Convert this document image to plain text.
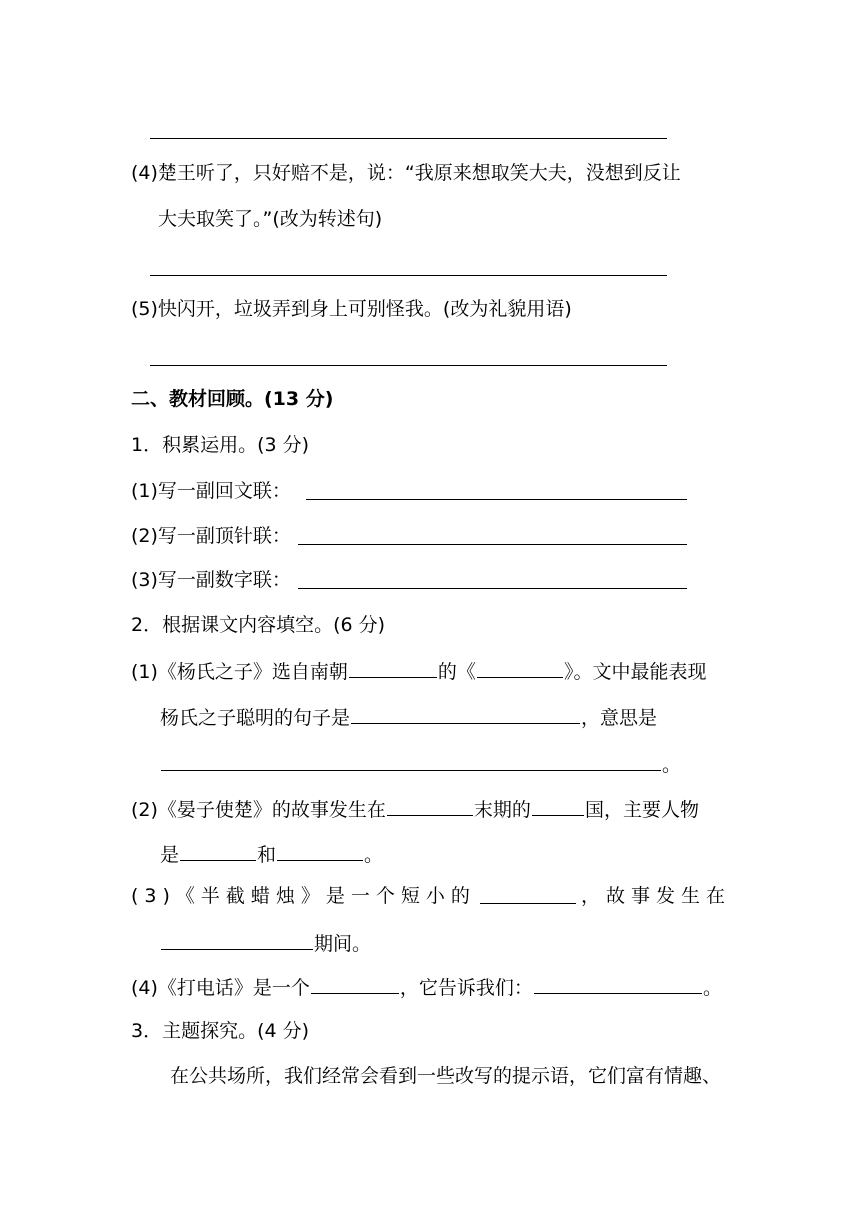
(4)楚王听了，只好赔不是，说：“我原来想取笑大夫，没想到反让
大夫取笑了。”(改为转述句)
(5)快闪开，垃圾弄到身上可别怪我。(改为礼貌用语)
二、教材回顾。(13 分)
1．积累运用。(3 分)
(1)写一副回文联：
(2)写一副顶针联：
(3)写一副数字联：
2．根据课文内容填空。(6 分)
(1)《杨氏之子》选自南朝	的《	》。文中最能表现
杨氏之子聪明的句子是	，意思是
。
(2)《晏子使楚》的故事发生在	末期的	国，主要人物
是	和	。
(3)《半截蜡烛》是一个短小的	，故事发生在
期间。
(4)《打电话》是一个	，它告诉我们：	。
3．主题探究。(4 分)
在公共场所，我们经常会看到一些改写的提示语，它们富有情趣、
